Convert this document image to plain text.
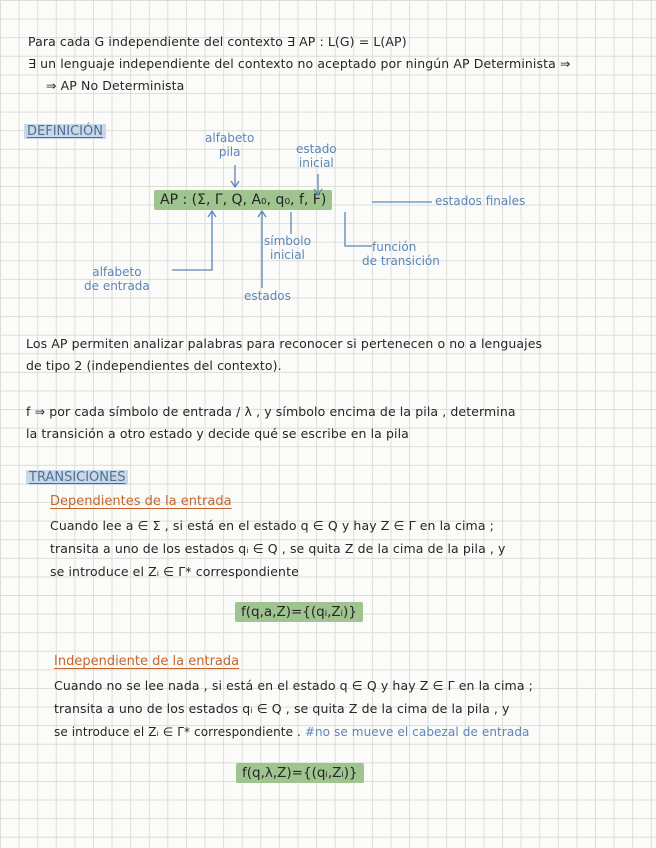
Para cada G independiente del contexto ∃ AP : L(G) = L(AP)
∃ un lenguaje independiente del contexto no aceptado por ningún AP Determinista ⇒
⇒ AP No Determinista
DEFINICIÓN	alfabeto
pila	estado
inicial
AP : (Σ, Γ, Q, A₀, q₀, f, F)	estados finales
símbolo
inicial
función
de transición
alfabeto
de entrada
estados
Los AP permiten analizar palabras para reconocer si pertenecen o no a lenguajes
de tipo 2 (independientes del contexto).
f ⇒ por cada símbolo de entrada / λ , y símbolo encima de la pila , determina
la transición a otro estado y decide qué se escribe en la pila
TRANSICIONES
Dependientes de la entrada
Cuando lee a ∈ Σ , si está en el estado q ∈ Q y hay Z ∈ Γ en la cima ;
transita a uno de los estados qᵢ ∈ Q , se quita Z de la cima de la pila , y
se introduce el Zᵢ ∈ Γ* correspondiente
f(q,a,Z)={(qᵢ,Zᵢ)}
Independiente de la entrada
Cuando no se lee nada , si está en el estado q ∈ Q y hay Z ∈ Γ en la cima ;
transita a uno de los estados qᵢ ∈ Q , se quita Z de la cima de la pila , y
se introduce el Zᵢ ∈ Γ* correspondiente . #no se mueve el cabezal de entrada
f(q,λ,Z)={(qᵢ,Zᵢ)}
